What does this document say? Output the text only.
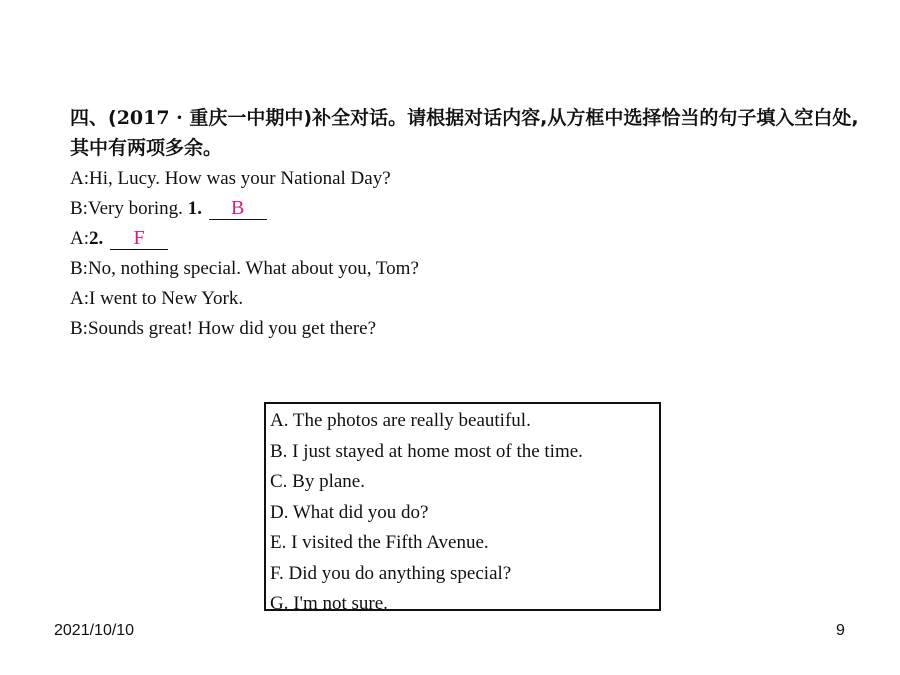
四、(2017 · 重庆一中期中)补全对话。请根据对话内容,从方框中选择恰当的句子填入空白处,其中有两项多余。
A:Hi, Lucy. How was your National Day?
B:Very boring. 1. B
A:2. F
B:No, nothing special. What about you, Tom?
A:I went to New York.
B:Sounds great! How did you get there?
A. The photos are really beautiful.
B. I just stayed at home most of the time.
C. By plane.
D. What did you do?
E. I visited the Fifth Avenue.
F. Did you do anything special?
G. I'm not sure.
2021/10/10	9
